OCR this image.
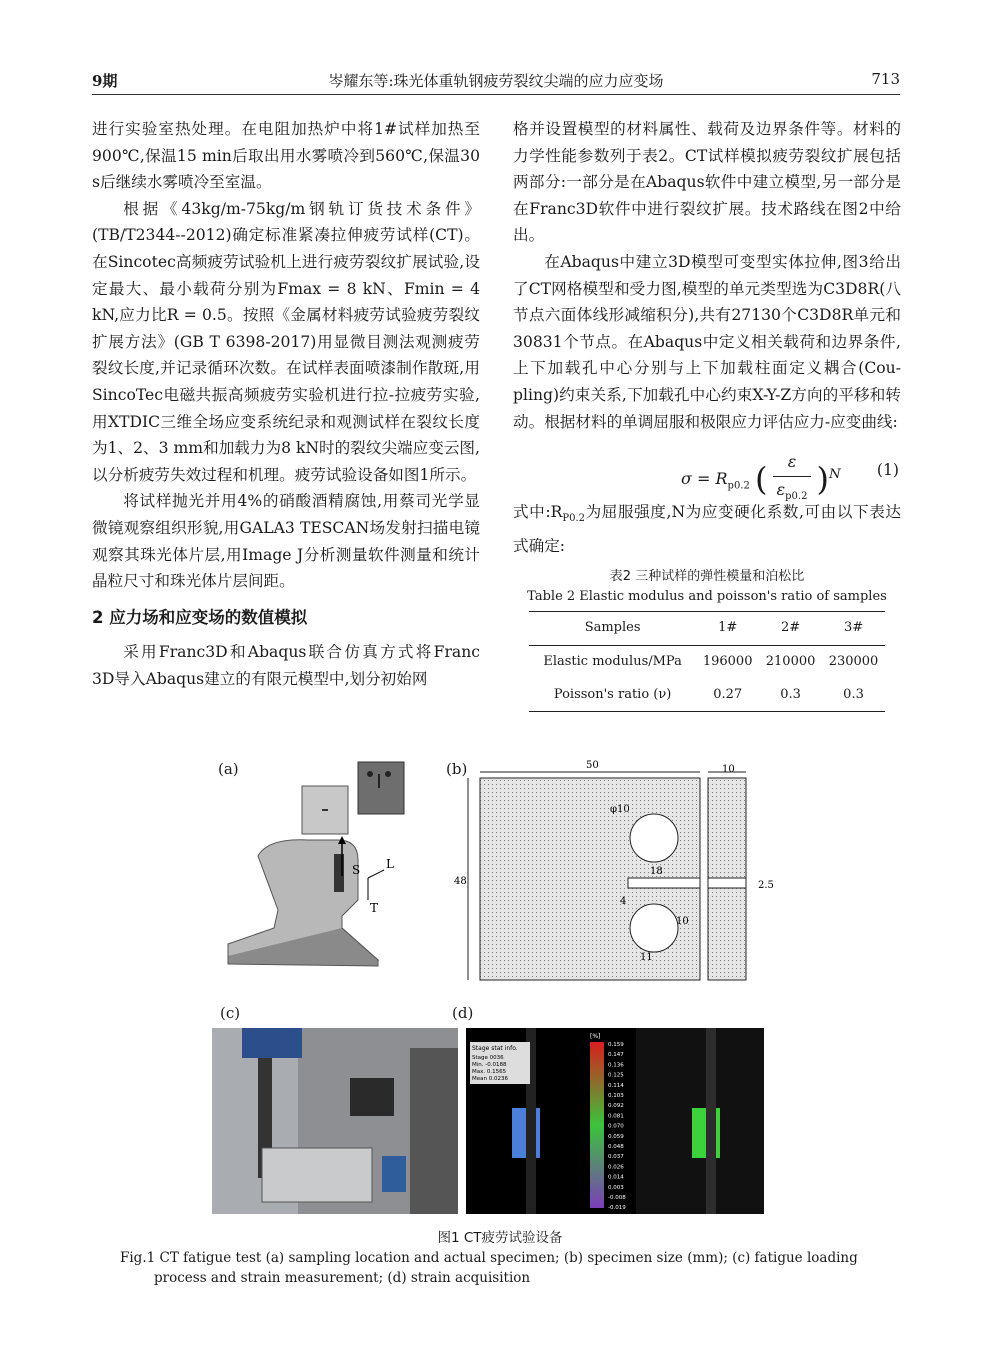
9期	岑耀东等:珠光体重轨钢疲劳裂纹尖端的应力应变场	713

进行实验室热处理。在电阻加热炉中将1#试样加热至900℃,保温15 min后取出用水雾喷冷到560℃,保温30 s后继续水雾喷冷至室温。

根据《43kg/m-75kg/m钢轨订货技术条件》(TB/T2344--2012)确定标准紧凑拉伸疲劳试样(CT)。在Sincotec高频疲劳试验机上进行疲劳裂纹扩展试验,设定最大、最小载荷分别为Fmax = 8 kN、Fmin = 4 kN,应力比R = 0.5。按照《金属材料疲劳试验疲劳裂纹扩展方法》(GB T 6398-2017)用显微目测法观测疲劳裂纹长度,并记录循环次数。在试样表面喷漆制作散斑,用SincoTec电磁共振高频疲劳实验机进行拉-拉疲劳实验,用XTDIC三维全场应变系统纪录和观测试样在裂纹长度为1、2、3 mm和加载力为8 kN时的裂纹尖端应变云图,以分析疲劳失效过程和机理。疲劳试验设备如图1所示。

将试样抛光并用4%的硝酸酒精腐蚀,用蔡司光学显微镜观察组织形貌,用GALA3 TESCAN场发射扫描电镜观察其珠光体片层,用Image J分析测量软件测量和统计晶粒尺寸和珠光体片层间距。

2 应力场和应变场的数值模拟

采用Franc3D和Abaqus联合仿真方式将Franc 3D导入Abaqus建立的有限元模型中,划分初始网

格并设置模型的材料属性、载荷及边界条件等。材料的力学性能参数列于表2。CT试样模拟疲劳裂纹扩展包括两部分:一部分是在Abaqus软件中建立模型,另一部分是在Franc3D软件中进行裂纹扩展。技术路线在图2中给出。

在Abaqus中建立3D模型可变型实体拉伸,图3给出了CT网格模型和受力图,模型的单元类型选为C3D8R(八节点六面体线形减缩积分),共有27130个C3D8R单元和30831个节点。在Abaqus中定义相关载荷和边界条件,上下加载孔中心分别与上下加载柱面定义耦合(Cou-pling)约束关系,下加载孔中心约束X-Y-Z方向的平移和转动。根据材料的单调屈服和极限应力评估应力-应变曲线:

$\sigma = R_{p0.2}$ ( $\frac{\varepsilon}{\varepsilon_{p0.2}} )^N$ (1)

式中$:R_{P0.2}$为屈服强度,N为应变硬化系数,可由以下表达式确定:

表2 三种试样的弹性模量和泊松比
Table 2 Elastic modulus and poisson's ratio of samples
Samples	1#	2#	3#
Elastic modulus/MPa	196000	210000	230000
Poisson's ratio (ν)	0.27	0.3	0.3
(a)	(b)
(c)	(d)
S L
T
50	10
φ10
18
4
10
48
11
2.5
Stage stat info.
Stage 0036
Min. -0.0188
Max. 0.1565
Mean 0.0236
[%]
0.159
0.147
0.136
0.125
0.114
0.103
0.092
0.081
0.070
0.059
0.048
0.037
0.026
0.014
0.003
-0.008
-0.019
图1 CT疲劳试验设备
Fig.1 CT fatigue test (a) sampling location and actual specimen; (b) specimen size (mm); (c) fatigue loading process and strain measurement; (d) strain acquisition
